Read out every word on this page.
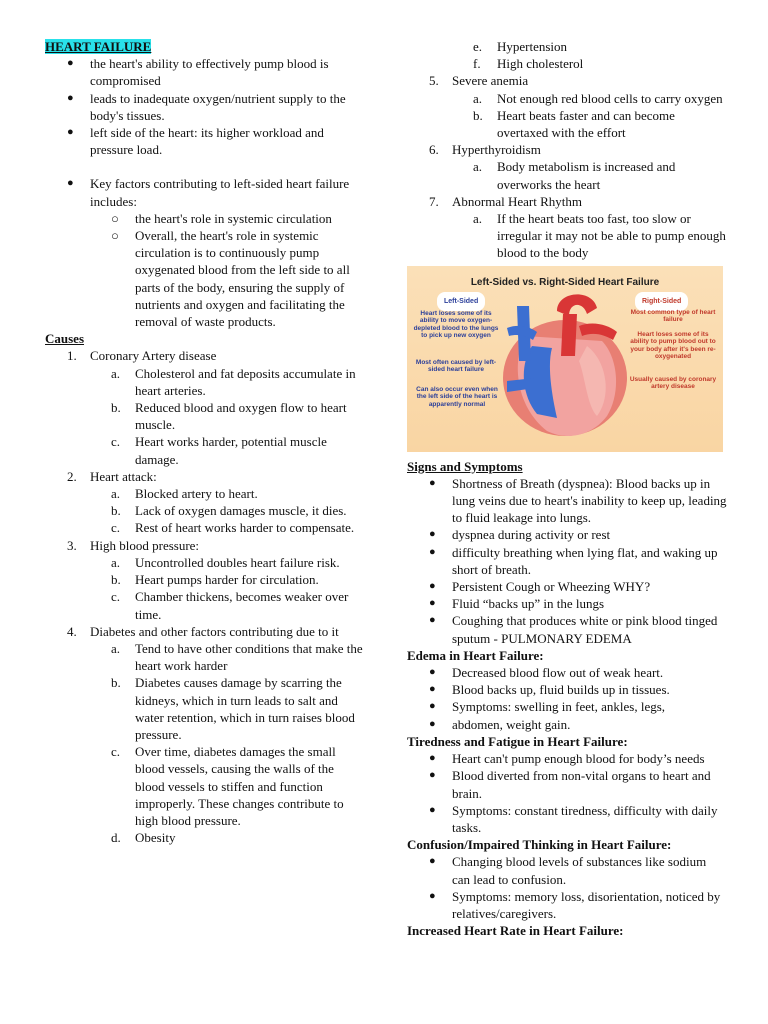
HEART FAILURE
●	the heart's ability to effectively pump blood is compromised
●	leads to inadequate oxygen/nutrient supply to the body's tissues.
●	left side of the heart: its higher workload and pressure load.
●	Key factors contributing to left-sided heart failure includes:
○ the heart's role in systemic circulation
○ Overall, the heart's role in systemic circulation is to continuously pump oxygenated blood from the left side to all parts of the body, ensuring the supply of nutrients and oxygen and facilitating the removal of waste products.
Causes
1. Coronary Artery disease
a. Cholesterol and fat deposits accumulate in heart arteries.
b. Reduced blood and oxygen flow to heart muscle.
c. Heart works harder, potential muscle damage.
2. Heart attack:
a. Blocked artery to heart.
b. Lack of oxygen damages muscle, it dies.
c. Rest of heart works harder to compensate.
3. High blood pressure:
a. Uncontrolled doubles heart failure risk.
b. Heart pumps harder for circulation.
c. Chamber thickens, becomes weaker over time.
4. Diabetes and other factors contributing due to it
a. Tend to have other conditions that make the heart work harder
b. Diabetes causes damage by scarring the kidneys, which in turn leads to salt and water retention, which in turn raises blood pressure.
c. Over time, diabetes damages the small blood vessels, causing the walls of the blood vessels to stiffen and function improperly. These changes contribute to high blood pressure.
d. Obesity
e. Hypertension
f. High cholesterol
5. Severe anemia
a. Not enough red blood cells to carry oxygen
b. Heart beats faster and can become overtaxed with the effort
6. Hyperthyroidism
a. Body metabolism is increased and overworks the heart
7. Abnormal Heart Rhythm
a. If the heart beats too fast, too slow or irregular it may not be able to pump enough blood to the body
Left-Sided vs. Right-Sided Heart Failure
Left-Sided	Right-Sided
Heart loses some of its ability to move oxygen-depleted blood to the lungs to pick up new oxygen
Most often caused by left-sided heart failure
Can also occur even when the left side of the heart is apparently normal
Most common type of heart failure
Heart loses some of its ability to pump blood out to your body after it's been re-oxygenated
Usually caused by coronary artery disease
Signs and Symptoms
●	Shortness of Breath (dyspnea): Blood backs up in lung veins due to heart's inability to keep up, leading to fluid leakage into lungs.
●	dyspnea during activity or rest
●	difficulty breathing when lying flat, and waking up short of breath.
●	Persistent Cough or Wheezing WHY?
●	Fluid “backs up” in the lungs
●	Coughing that produces white or pink blood tinged sputum - PULMONARY EDEMA
Edema in Heart Failure:
●	Decreased blood flow out of weak heart.
●	Blood backs up, fluid builds up in tissues.
●	Symptoms: swelling in feet, ankles, legs,
●	abdomen, weight gain.
Tiredness and Fatigue in Heart Failure:
●	Heart can't pump enough blood for body’s needs
●	Blood diverted from non-vital organs to heart and brain.
●	Symptoms: constant tiredness, difficulty with daily tasks.
Confusion/Impaired Thinking in Heart Failure:
●	Changing blood levels of substances like sodium can lead to confusion.
●	Symptoms: memory loss, disorientation, noticed by relatives/caregivers.
Increased Heart Rate in Heart Failure:
